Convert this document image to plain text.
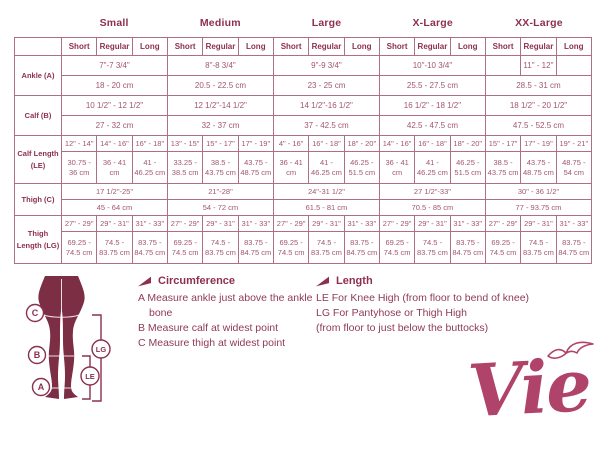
Small	Medium	Large	X-Large	XX-Large
	Short	Regular	Long	Short	Regular	Long	Short	Regular	Long	Short	Regular	Long	Short	Regular	Long
Ankle (A)	7"-7 3/4"			8"-8 3/4"			9"-9 3/4"			10"-10 3/4"				11" - 12"	
	18 - 20 cm			20.5 - 22.5 cm			23 - 25 cm			25.5 - 27.5 cm			28.5 - 31 cm		
Calf (B)	10 1/2" - 12 1/2"			12 1/2"-14 1/2"			14 1/2"-16 1/2"			16 1/2" - 18 1/2"			18 1/2" - 20 1/2"		
	27 - 32 cm			32 - 37 cm			37 - 42.5 cm			42.5 - 47.5 cm			47.5 - 52.5 cm		
Calf Length (LE)	12" - 14"	14" - 16"	16" - 18"	13" - 15"	15" - 17"	17" - 19"	4" - 16"	16" - 18"	18" - 20"	14" - 16"	16" - 18"	18" - 20"	15" - 17"	17" - 19"	19" - 21"
	30.75 - 36 cm	36 - 41 cm	41 - 46.25 cm	33.25 - 38.5 cm	38.5 - 43.75 cm	43.75 - 48.75 cm	36 - 41 cm	41 - 46.25 cm	46.25 - 51.5 cm	36 - 41 cm	41 - 46.25 cm	46.25 - 51.5 cm	38.5 - 43.75 cm	43.75 - 48.75 cm	48.75 - 54 cm
Thigh (C)	17 1/2"-25"			21"-28"			24"-31 1/2"			27 1/2"-33"			30" - 36 1/2"		
	45 - 64 cm			54 - 72 cm			61.5 - 81 cm			70.5 - 85 cm			77 - 93.75 cm		
Thigh Length (LG)	27" - 29"	29" - 31"	31" - 33"	27" - 29"	29" - 31"	31" - 33"	27" - 29"	29" - 31"	31" - 33"	27" - 29"	29" - 31"	31" - 33"	27" - 29"	29" - 31"	31" - 33"
	69.25 - 74.5 cm	74.5 - 83.75 cm	83.75 - 84.75 cm	69.25 - 74.5 cm	74.5 - 83.75 cm	83.75 - 84.75 cm	69.25 - 74.5 cm	74.5 - 83.75 cm	83.75 - 84.75 cm	69.25 - 74.5 cm	74.5 - 83.75 cm	83.75 - 84.75 cm	69.25 - 74.5 cm	74.5 - 83.75 cm	83.75 - 84.75 cm
C
B
A
LG
LE
Circumference
A Measure ankle just above the ankle bone
B Measure calf at widest point
C Measure thigh at widest point
Length
LE For Knee High (from floor to bend of knee)
LG For Pantyhose or Thigh High
(from floor to just below the buttocks)
Vie
